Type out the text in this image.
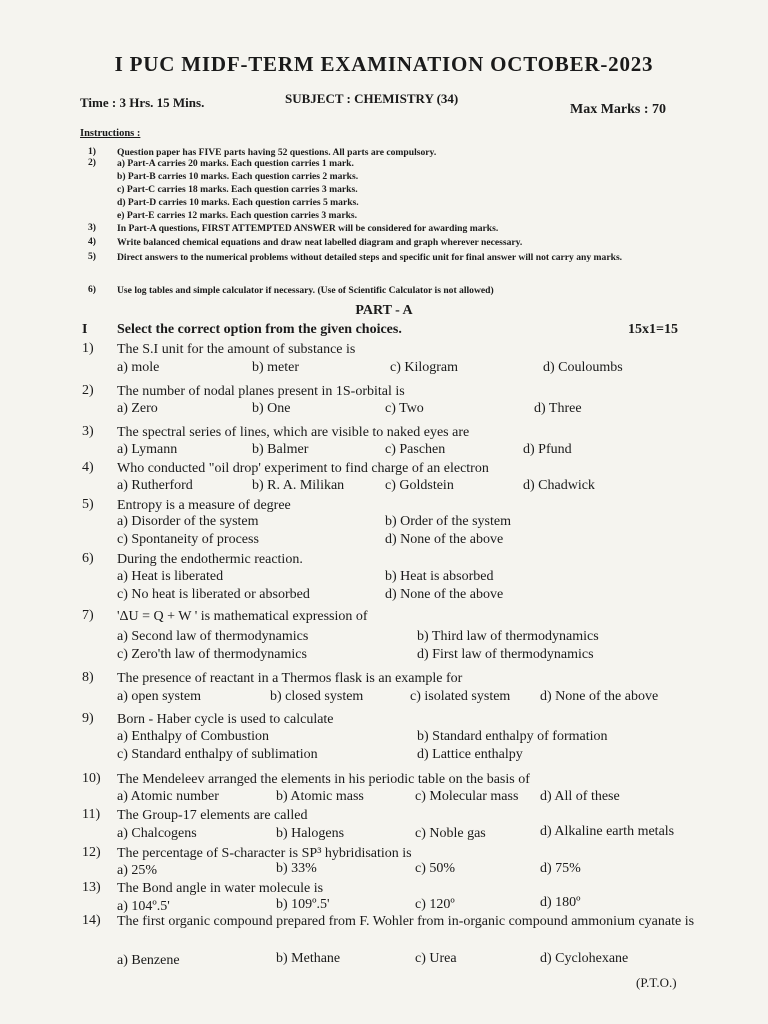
I PUC MIDF-TERM EXAMINATION OCTOBER-2023
Time : 3 Hrs. 15 Mins.	SUBJECT : CHEMISTRY (34)
Max Marks : 70
Instructions :
1) Question paper has FIVE parts having 52 questions. All parts are compulsory.
2) a) Part-A carries 20 marks. Each question carries 1 mark.
b) Part-B carries 10 marks. Each question carries 2 marks.
c) Part-C carries 18 marks. Each question carries 3 marks.
d) Part-D carries 10 marks. Each question carries 5 marks.
e) Part-E carries 12 marks. Each question carries 3 marks.
3) In Part-A questions, FIRST ATTEMPTED ANSWER will be considered for awarding marks.
4) Write balanced chemical equations and draw neat labelled diagram and graph wherever necessary.
5) Direct answers to the numerical problems without detailed steps and specific unit for final answer will not carry any marks.
6) Use log tables and simple calculator if necessary. (Use of Scientific Calculator is not allowed)
PART - A
I Select the correct option from the given choices.	15x1=15
1) The S.I unit for the amount of substance is
a) mole	b) meter	c) Kilogram	d) Couloumbs
2) The number of nodal planes present in 1S-orbital is
a) Zero	b) One	c) Two	d) Three
3) The spectral series of lines, which are visible to naked eyes are
a) Lymann	b) Balmer	c) Paschen	d) Pfund
4) Who conducted "oil drop' experiment to find charge of an electron
a) Rutherford	b) R. A. Milikan	c) Goldstein	d) Chadwick
5) Entropy is a measure of degree
a) Disorder of the system	b) Order of the system
c) Spontaneity of process	d) None of the above
6) During the endothermic reaction.
a) Heat is liberated	b) Heat is absorbed
c) No heat is liberated or absorbed	d) None of the above
7) 'ΔU = Q + W ' is mathematical expression of
a) Second law of thermodynamics	b) Third law of thermodynamics
c) Zero'th law of thermodynamics	d) First law of thermodynamics
8) The presence of reactant in a Thermos flask is an example for
a) open system	b) closed system	c) isolated system d) None of the above
9) Born - Haber cycle is used to calculate
a) Enthalpy of Combustion	b) Standard enthalpy of formation
c) Standard enthalpy of sublimation	d) Lattice enthalpy
10) The Mendeleev arranged the elements in his periodic table on the basis of
a) Atomic number	b) Atomic mass	c) Molecular mass d) All of these
11) The Group-17 elements are called
a) Chalcogens	b) Halogens	c) Noble gas	d) Alkaline earth metals
12) The percentage of S-character is SP³ hybridisation is
a) 25%	b) 33%	c) 50%	d) 75%
13) The Bond angle in water molecule is
a) 104º.5'	b) 109º.5'	c) 120º	d) 180º
14) The first organic compound prepared from F. Wohler from in-organic compound ammonium cyanate is
a) Benzene	b) Methane	c) Urea	d) Cyclohexane
(P.T.O.)
